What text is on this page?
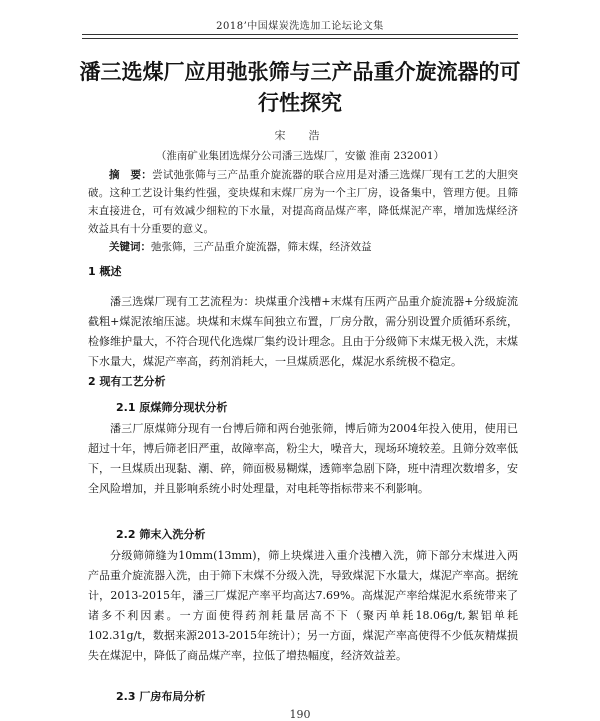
2018’中国煤炭洗选加工论坛论文集
潘三选煤厂应用弛张筛与三产品重介旋流器的可行性探究
宋　浩
（淮南矿业集团选煤分公司潘三选煤厂，安徽 淮南 232001）

摘　要：尝试弛张筛与三产品重介旋流器的联合应用是对潘三选煤厂现有工艺的大胆突破。这种工艺设计集约性强，变块煤和末煤厂房为一个主厂房，设备集中，管理方便。且筛末直接进仓，可有效减少细粒的下水量，对提高商品煤产率，降低煤泥产率，增加选煤经济效益具有十分重要的意义。

关键词：弛张筛，三产品重介旋流器，筛末煤，经济效益

1 概述

潘三选煤厂现有工艺流程为：块煤重介浅槽+末煤有压两产品重介旋流器+分级旋流截粗+煤泥浓缩压滤。块煤和末煤车间独立布置，厂房分散，需分别设置介质循环系统，检修维护量大，不符合现代化选煤厂集约设计理念。且由于分级筛下末煤无极入洗，末煤下水量大，煤泥产率高，药剂消耗大，一旦煤质恶化，煤泥水系统极不稳定。

2 现有工艺分析
2.1 原煤筛分现状分析

潘三厂原煤筛分现有一台博后筛和两台弛张筛，博后筛为2004年投入使用，使用已超过十年，博后筛老旧严重，故障率高，粉尘大，噪音大，现场环境较差。且筛分效率低下，一旦煤质出现黏、潮、碎，筛面极易糊煤，透筛率急剧下降，班中清理次数增多，安全风险增加，并且影响系统小时处理量，对电耗等指标带来不利影响。

2.2 筛末入洗分析

分级筛筛缝为10mm(13mm)，筛上块煤进入重介浅槽入洗，筛下部分末煤进入两产品重介旋流器入洗，由于筛下末煤不分级入洗，导致煤泥下水量大，煤泥产率高。据统计，2013-2015年，潘三厂煤泥产率平均高达7.69%。高煤泥产率给煤泥水系统带来了诸多不利因素。一方面使得药剂耗量居高不下（聚丙单耗18.06g/t,絮铝单耗102.31g/t，数据来源2013-2015年统计）；另一方面，煤泥产率高使得不少低灰精煤损失在煤泥中，降低了商品煤产率，拉低了增热幅度，经济效益差。

2.3 厂房布局分析
190
